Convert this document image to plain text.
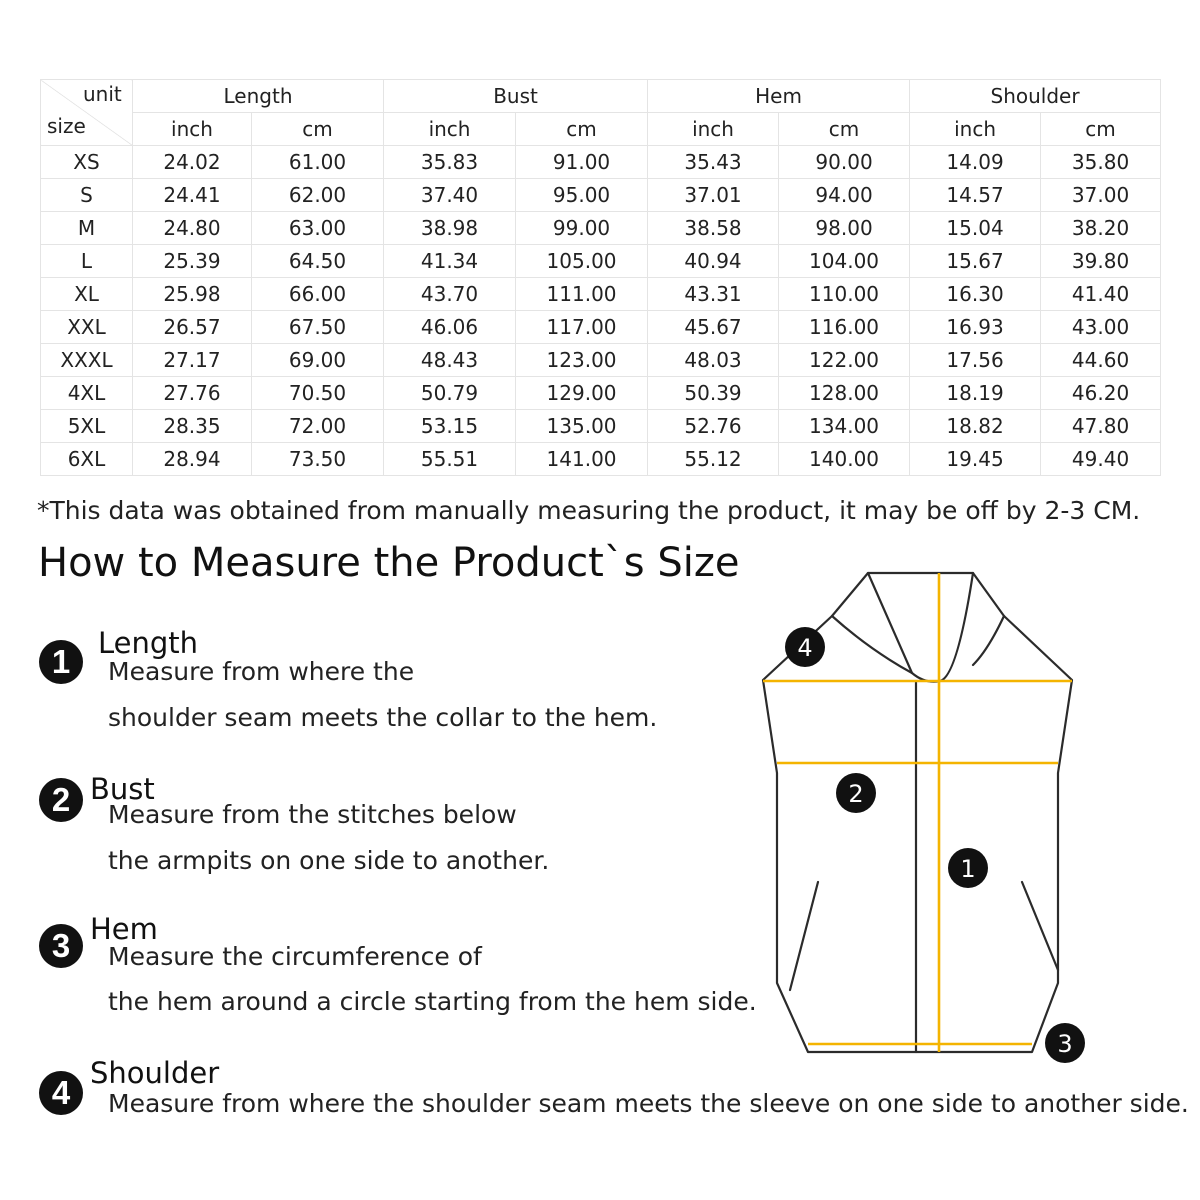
unit
size	Length		Bust		Hem		Shoulder	
	inch	cm	inch	cm	inch	cm	inch	cm
XS	24.02	61.00	35.83	91.00	35.43	90.00	14.09	35.80
S	24.41	62.00	37.40	95.00	37.01	94.00	14.57	37.00
M	24.80	63.00	38.98	99.00	38.58	98.00	15.04	38.20
L	25.39	64.50	41.34	105.00	40.94	104.00	15.67	39.80
XL	25.98	66.00	43.70	111.00	43.31	110.00	16.30	41.40
XXL	26.57	67.50	46.06	117.00	45.67	116.00	16.93	43.00
XXXL	27.17	69.00	48.43	123.00	48.03	122.00	17.56	44.60
4XL	27.76	70.50	50.79	129.00	50.39	128.00	18.19	46.20
5XL	28.35	72.00	53.15	135.00	52.76	134.00	18.82	47.80
6XL	28.94	73.50	55.51	141.00	55.12	140.00	19.45	49.40
*This data was obtained from manually measuring the product, it may be off by 2-3 CM.
How to Measure the Product`s Size
1 Length
Measure from where the
shoulder seam meets the collar to the hem.
2 Bust
Measure from the stitches below
the armpits on one side to another.
3 Hem
Measure the circumference of
the hem around a circle starting from the hem side.
4
Shoulder
Measure from where the shoulder seam meets the sleeve on one side to another side.
4
2
1
3
